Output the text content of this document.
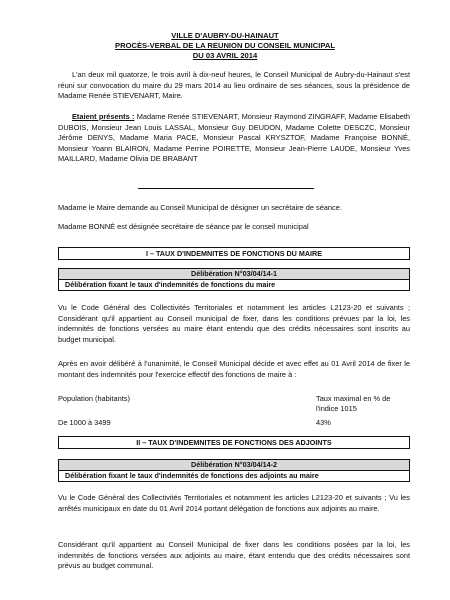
VILLE D'AUBRY-DU-HAINAUT
PROCÈS-VERBAL DE LA REUNION DU CONSEIL MUNICIPAL
DU 03 AVRIL 2014
L'an deux mil quatorze, le trois avril à dix-neuf heures, le Conseil Municipal de Aubry-du-Hainaut s'est réuni sur convocation du maire du 29 mars 2014 au lieu ordinaire de ses séances, sous la présidence de Madame Renée STIEVENART, Maire.
Etaient présents : Madame Renée STIEVENART, Monsieur Raymond ZINGRAFF, Madame Elisabeth DUBOIS, Monsieur Jean Louis LASSAL, Monsieur Guy DEUDON, Madame Colette DESCZC, Monsieur Jérôme DENYS, Madame Maria PACE, Monsieur Pascal KRYSZTOF, Madame Françoise BONNÉ, Monsieur Yoann BLAIRON, Madame Perrine POIRETTE, Monsieur Jean-Pierre LAUDE, Monsieur Yves MAILLARD, Madame Olivia DE BRABANT
Madame le Maire demande au Conseil Municipal de désigner un secrétaire de séance.
Madame BONNÉ est désignée secrétaire de séance par le conseil municipal
I – TAUX D'INDEMNITES DE FONCTIONS DU MAIRE
Délibération N°03/04/14-1
Délibération fixant le taux d'indemnités de fonctions du maire
Vu le Code Général des Collectivités Territoriales et notamment les articles L2123-20 et suivants ; Considérant qu'il appartient au Conseil municipal de fixer, dans les conditions prévues par la loi, les indemnités de fonctions versées au maire étant entendu que des crédits nécessaires sont inscrits au budget municipal.
Après en avoir délibéré à l'unanimité, le Conseil Municipal décide et avec effet au 01 Avril 2014 de fixer le montant des indemnités pour l'exercice effectif des fonctions de maire à :
Population (habitants)	Taux maximal en % de l'indice 1015
De 1000 à 3499	43%
II – TAUX D'INDEMNITES DE FONCTIONS DES ADJOINTS
Délibération N°03/04/14-2
Délibération fixant le taux d'indemnités de fonctions des adjoints au maire
Vu le Code Général des Collectivités Territoriales et notamment les articles L2123-20 et suivants ; Vu les arrêtés municipaux en date du 01 Avril 2014 portant délégation de fonctions aux adjoints au maire.
Considérant qu'il appartient au Conseil Municipal de fixer dans les conditions posées par la loi, les indemnités de fonctions versées aux adjoints au maire, étant entendu que des crédits nécessaires sont prévus au budget communal.
